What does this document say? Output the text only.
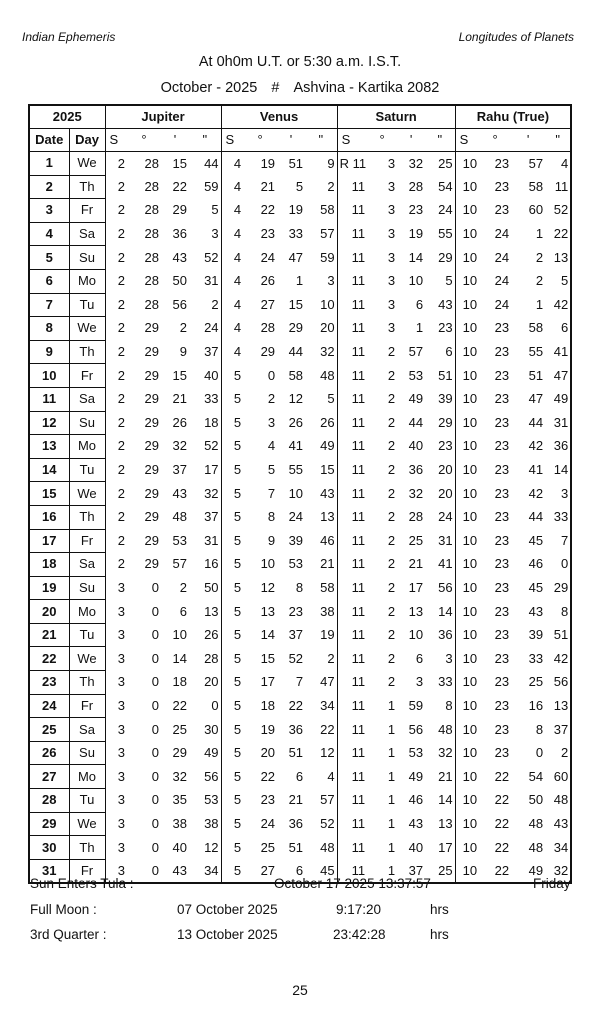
Indian Ephemeris	Longitudes of Planets
At 0h0m U.T. or 5:30 a.m. I.S.T.
October - 2025 # Ashvina - Kartika 2082
2025		Jupiter				Venus				Saturn				Rahu (True)			
Date	Day	S	°	'	"	S	°	'	"	S	°	'	"	S	°	'	"
1	We	2	28	15	44	4	19	51	9	R 11	3	32	25	10	23	57	4
2	Th	2	28	22	59	4	21	5	2	11	3	28	54	10	23	58	11
3	Fr	2	28	29	5	4	22	19	58	11	3	23	24	10	23	60	52
4	Sa	2	28	36	3	4	23	33	57	11	3	19	55	10	24	1	22
5	Su	2	28	43	52	4	24	47	59	11	3	14	29	10	24	2	13
6	Mo	2	28	50	31	4	26	1	3	11	3	10	5	10	24	2	5
7	Tu	2	28	56	2	4	27	15	10	11	3	6	43	10	24	1	42
8	We	2	29	2	24	4	28	29	20	11	3	1	23	10	23	58	6
9	Th	2	29	9	37	4	29	44	32	11	2	57	6	10	23	55	41
10	Fr	2	29	15	40	5	0	58	48	11	2	53	51	10	23	51	47
11	Sa	2	29	21	33	5	2	12	5	11	2	49	39	10	23	47	49
12	Su	2	29	26	18	5	3	26	26	11	2	44	29	10	23	44	31
13	Mo	2	29	32	52	5	4	41	49	11	2	40	23	10	23	42	36
14	Tu	2	29	37	17	5	5	55	15	11	2	36	20	10	23	41	14
15	We	2	29	43	32	5	7	10	43	11	2	32	20	10	23	42	3
16	Th	2	29	48	37	5	8	24	13	11	2	28	24	10	23	44	33
17	Fr	2	29	53	31	5	9	39	46	11	2	25	31	10	23	45	7
18	Sa	2	29	57	16	5	10	53	21	11	2	21	41	10	23	46	0
19	Su	3	0	2	50	5	12	8	58	11	2	17	56	10	23	45	29
20	Mo	3	0	6	13	5	13	23	38	11	2	13	14	10	23	43	8
21	Tu	3	0	10	26	5	14	37	19	11	2	10	36	10	23	39	51
22	We	3	0	14	28	5	15	52	2	11	2	6	3	10	23	33	42
23	Th	3	0	18	20	5	17	7	47	11	2	3	33	10	23	25	56
24	Fr	3	0	22	0	5	18	22	34	11	1	59	8	10	23	16	13
25	Sa	3	0	25	30	5	19	36	22	11	1	56	48	10	23	8	37
26	Su	3	0	29	49	5	20	51	12	11	1	53	32	10	23	0	2
27	Mo	3	0	32	56	5	22	6	4	11	1	49	21	10	22	54	60
28	Tu	3	0	35	53	5	23	21	57	11	1	46	14	10	22	50	48
29	We	3	0	38	38	5	24	36	52	11	1	43	13	10	22	48	43
30	Th	3	0	40	12	5	25	51	48	11	1	40	17	10	22	48	34
31	Fr	3	0	43	34	5	27	6	45	11	1	37	25	10	22	49	32
Sun Enters Tula :	October 17 2025 13:37:57	Friday
Full Moon :	07 October 2025	9:17:20	hrs
3rd Quarter :	13 October 2025	23:42:28	hrs
25
